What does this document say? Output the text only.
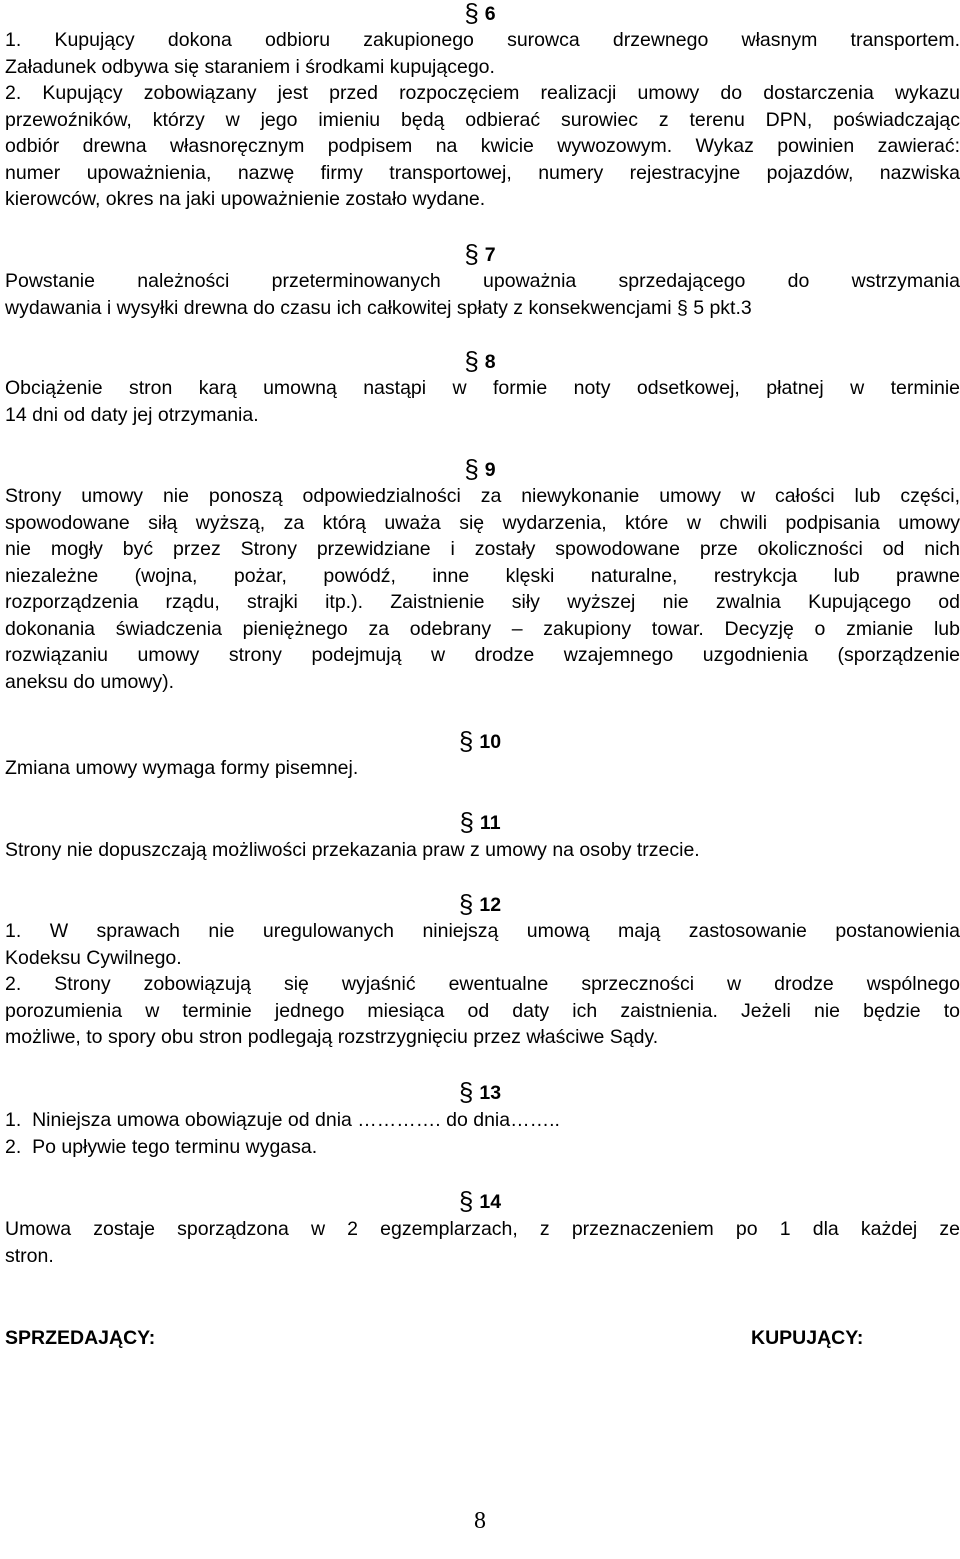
§ 6
1. Kupujący dokona odbioru zakupionego surowca drzewnego własnym transportem.
Załadunek odbywa się staraniem i środkami kupującego.
2. Kupujący zobowiązany jest przed rozpoczęciem realizacji umowy do dostarczenia wykazu
przewoźników, którzy w jego imieniu będą odbierać surowiec z terenu DPN, poświadczając
odbiór drewna własnoręcznym podpisem na kwicie wywozowym. Wykaz powinien zawierać:
numer upoważnienia, nazwę firmy transportowej, numery rejestracyjne pojazdów, nazwiska
kierowców, okres na jaki upoważnienie zostało wydane.
§ 7
Powstanie należności przeterminowanych upoważnia sprzedającego do wstrzymania
wydawania i wysyłki drewna do czasu ich całkowitej spłaty z konsekwencjami § 5 pkt.3
§ 8
Obciążenie stron karą umowną nastąpi w formie noty odsetkowej, płatnej w terminie
14 dni od daty jej otrzymania.
§ 9
Strony umowy nie ponoszą odpowiedzialności za niewykonanie umowy w całości lub części,
spowodowane siłą wyższą, za którą uważa się wydarzenia, które w chwili podpisania umowy
nie mogły być przez Strony przewidziane i zostały spowodowane prze okoliczności od nich
niezależne (wojna, pożar, powódź, inne klęski naturalne, restrykcja lub prawne
rozporządzenia rządu, strajki itp.). Zaistnienie siły wyższej nie zwalnia Kupującego od
dokonania świadczenia pieniężnego za odebrany – zakupiony towar. Decyzję o zmianie lub
rozwiązaniu umowy strony podejmują w drodze wzajemnego uzgodnienia (sporządzenie
aneksu do umowy).
§ 10
Zmiana umowy wymaga formy pisemnej.
§ 11
Strony nie dopuszczają możliwości przekazania praw z umowy na osoby trzecie.
§ 12
1. W sprawach nie uregulowanych niniejszą umową mają zastosowanie postanowienia
Kodeksu Cywilnego.
2. Strony zobowiązują się wyjaśnić ewentualne sprzeczności w drodze wspólnego
porozumienia w terminie jednego miesiąca od daty ich zaistnienia. Jeżeli nie będzie to
możliwe, to spory obu stron podlegają rozstrzygnięciu przez właściwe Sądy.
§ 13
1.  Niniejsza umowa obowiązuje od dnia …………. do dnia……..
2.  Po upływie tego terminu wygasa.
§ 14
Umowa zostaje sporządzona w 2 egzemplarzach, z przeznaczeniem po 1 dla każdej ze
stron.
SPRZEDAJĄCY:	KUPUJĄCY:
8
